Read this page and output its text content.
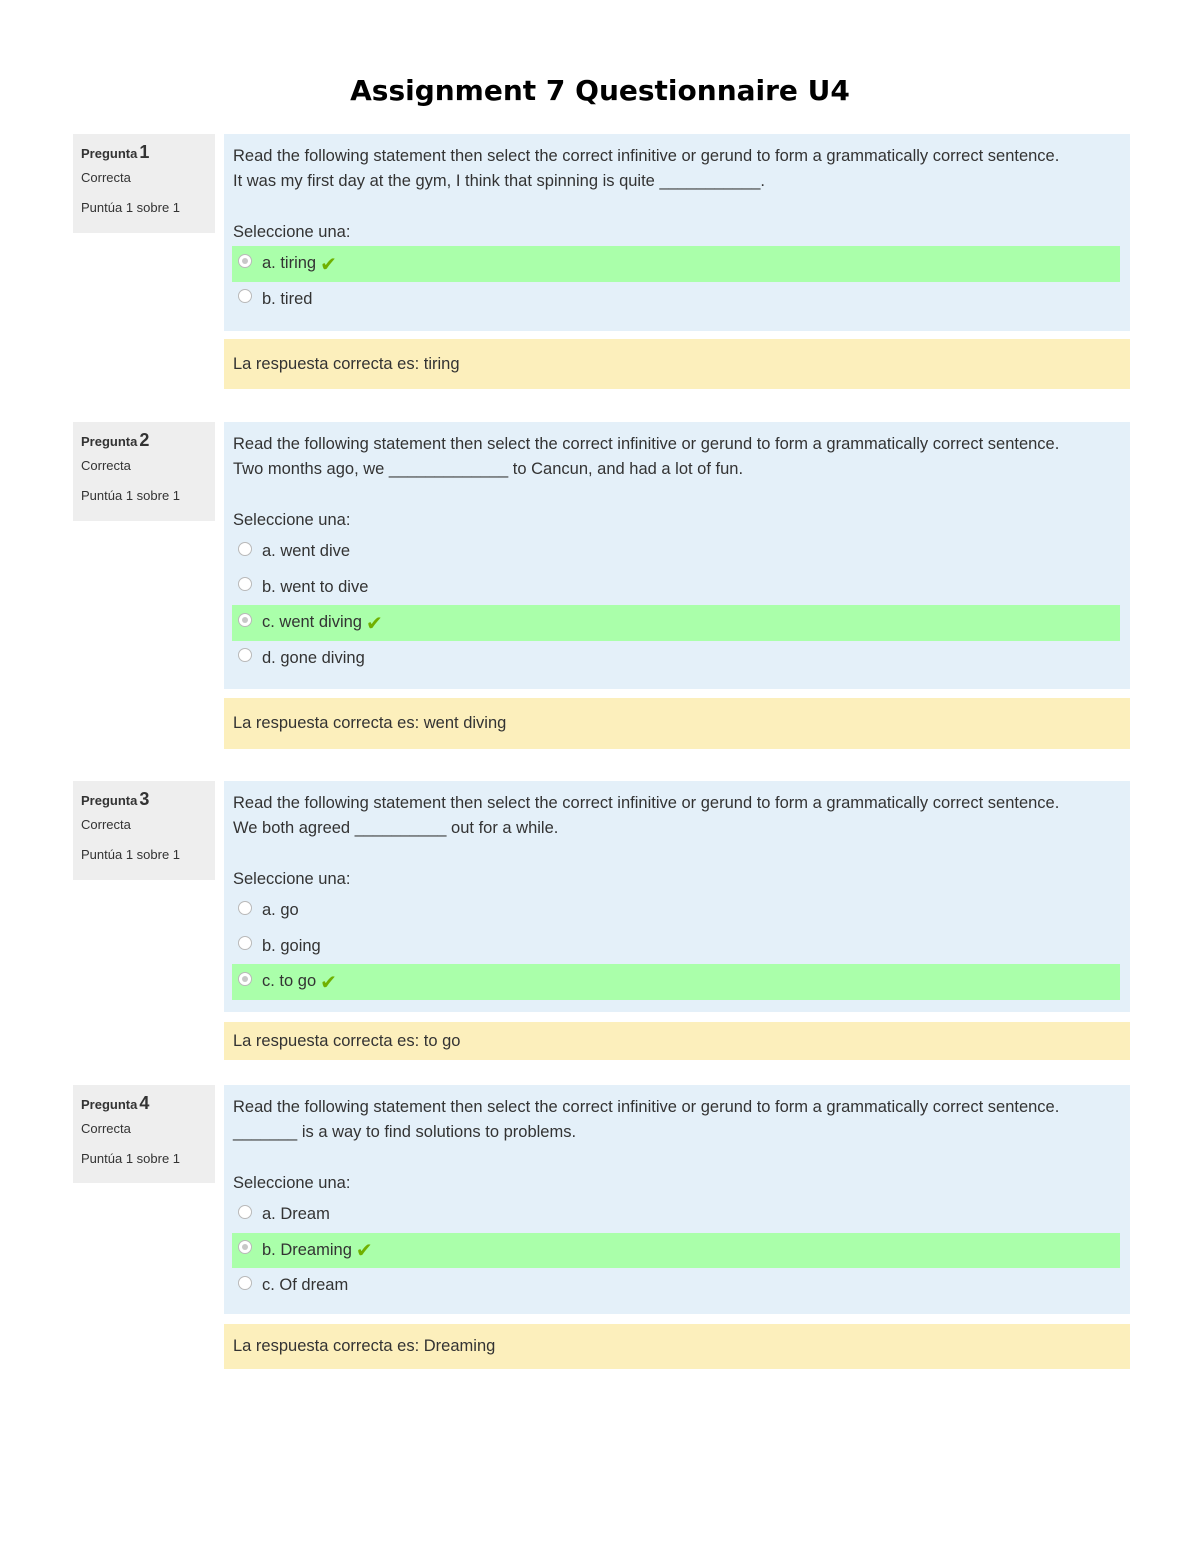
Assignment 7 Questionnaire U4
Pregunta 1
Correcta
Puntúa 1 sobre 1
Read the following statement then select the correct infinitive or gerund to form a grammatically correct sentence.
It was my first day at the gym, I think that spinning is quite ___________.
Seleccione una:
a. tiring ✔
b. tired
La respuesta correcta es: tiring
Pregunta 2
Correcta
Puntúa 1 sobre 1
Read the following statement then select the correct infinitive or gerund to form a grammatically correct sentence.
Two months ago, we _____________ to Cancun, and had a lot of fun.
Seleccione una:
a. went dive
b. went to dive
c. went diving ✔
d. gone diving
La respuesta correcta es: went diving
Pregunta 3
Correcta
Puntúa 1 sobre 1
Read the following statement then select the correct infinitive or gerund to form a grammatically correct sentence.
We both agreed __________ out for a while.
Seleccione una:
a. go
b. going
c. to go ✔
La respuesta correcta es: to go
Pregunta 4
Correcta
Puntúa 1 sobre 1
Read the following statement then select the correct infinitive or gerund to form a grammatically correct sentence.
_______ is a way to find solutions to problems.
Seleccione una:
a. Dream
b. Dreaming ✔
c. Of dream
La respuesta correcta es: Dreaming
